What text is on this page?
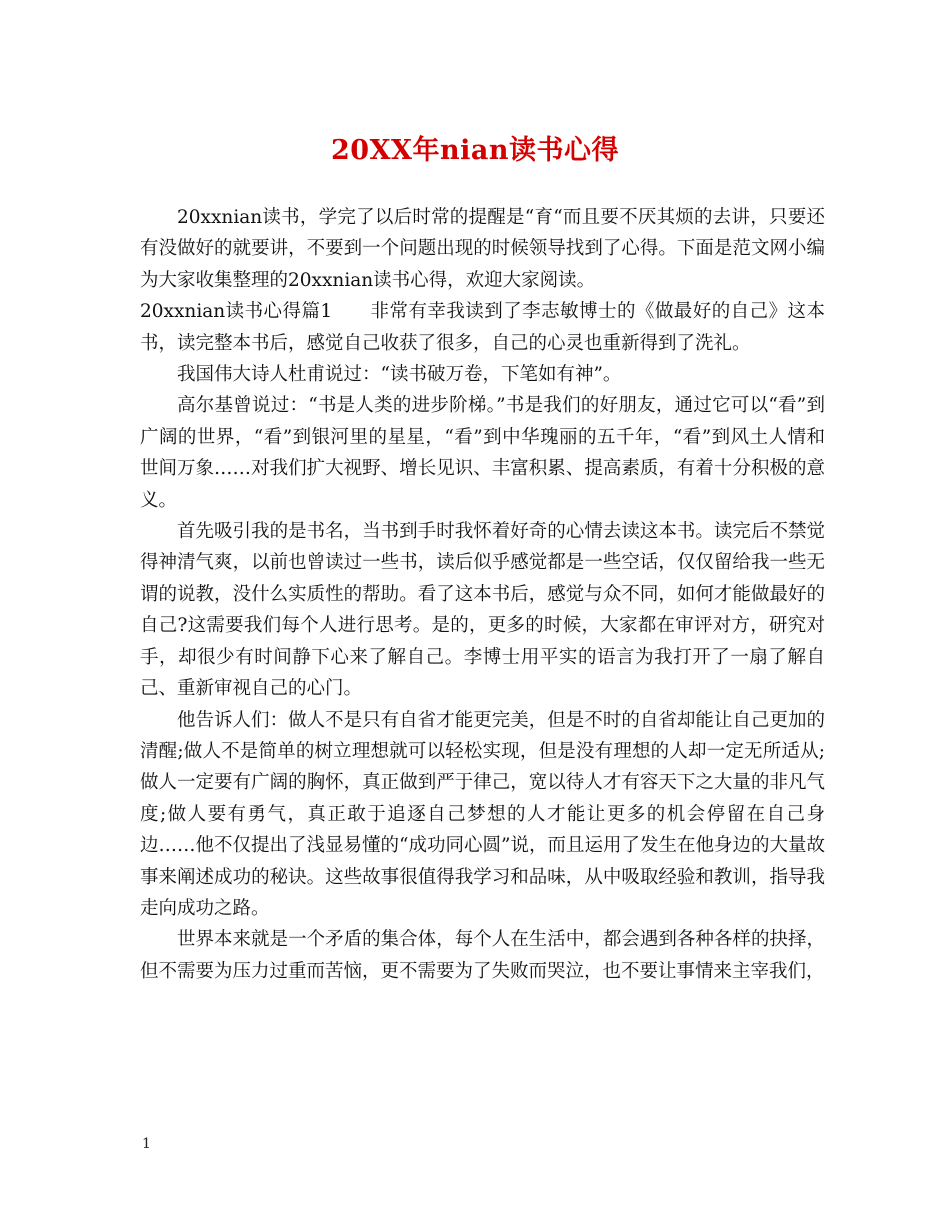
20XX年nian读书心得

20xxnian读书，学完了以后时常的提醒是“育“而且要不厌其烦的去讲，只要还有没做好的就要讲，不要到一个问题出现的时候领导找到了心得。下面是范文网小编为大家收集整理的20xxnian读书心得，欢迎大家阅读。

20xxnian读书心得篇1　　非常有幸我读到了李志敏博士的《做最好的自己》这本书，读完整本书后，感觉自己收获了很多，自己的心灵也重新得到了洗礼。

我国伟大诗人杜甫说过：“读书破万卷，下笔如有神”。

高尔基曾说过：“书是人类的进步阶梯。”书是我们的好朋友，通过它可以“看”到广阔的世界，“看”到银河里的星星，“看”到中华瑰丽的五千年，“看”到风土人情和世间万象……对我们扩大视野、增长见识、丰富积累、提高素质，有着十分积极的意义。

首先吸引我的是书名，当书到手时我怀着好奇的心情去读这本书。读完后不禁觉得神清气爽，以前也曾读过一些书，读后似乎感觉都是一些空话，仅仅留给我一些无谓的说教，没什么实质性的帮助。看了这本书后，感觉与众不同，如何才能做最好的自己?这需要我们每个人进行思考。是的，更多的时候，大家都在审评对方，研究对手，却很少有时间静下心来了解自己。李博士用平实的语言为我打开了一扇了解自己、重新审视自己的心门。

他告诉人们：做人不是只有自省才能更完美，但是不时的自省却能让自己更加的清醒;做人不是简单的树立理想就可以轻松实现，但是没有理想的人却一定无所适从;做人一定要有广阔的胸怀，真正做到严于律己，宽以待人才有容天下之大量的非凡气度;做人要有勇气，真正敢于追逐自己梦想的人才能让更多的机会停留在自己身边……他不仅提出了浅显易懂的“成功同心圆”说，而且运用了发生在他身边的大量故事来阐述成功的秘诀。这些故事很值得我学习和品味，从中吸取经验和教训，指导我走向成功之路。

世界本来就是一个矛盾的集合体，每个人在生活中，都会遇到各种各样的抉择，但不需要为压力过重而苦恼，更不需要为了失败而哭泣，也不要让事情来主宰我们，

1
